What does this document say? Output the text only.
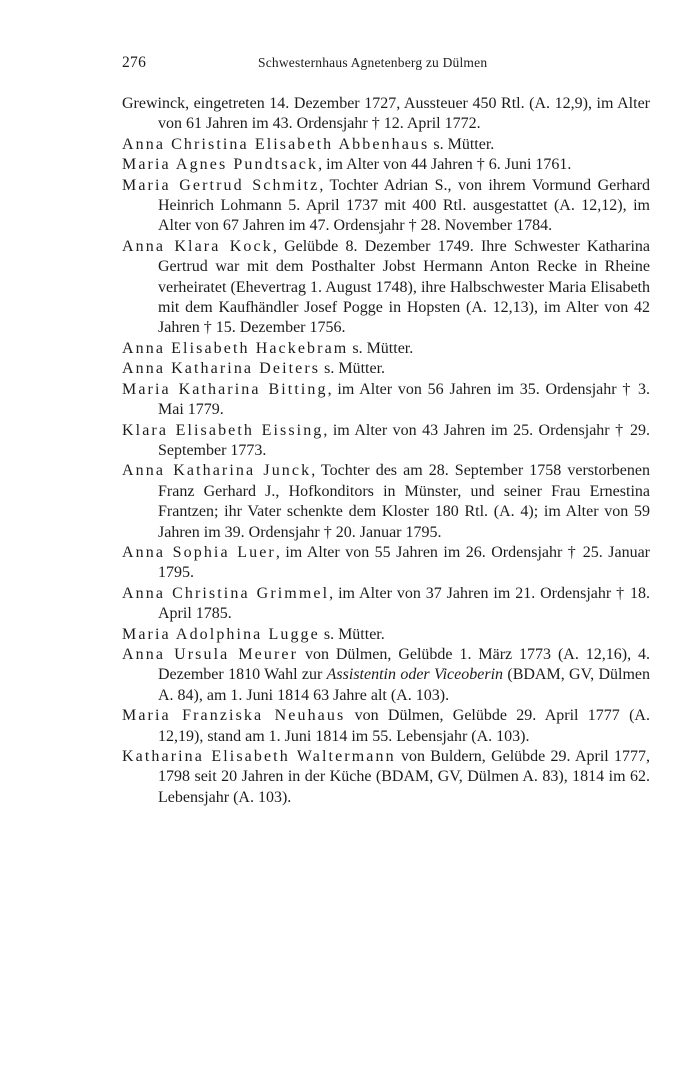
276	Schwesternhaus Agnetenberg zu Dülmen

Grewinck, eingetreten 14. Dezember 1727, Aussteuer 450 Rtl. (A. 12,9), im Alter von 61 Jahren im 43. Ordensjahr † 12. April 1772.

Anna Christina Elisabeth Abbenhaus s. Mütter.

Maria Agnes Pundtsack, im Alter von 44 Jahren † 6. Juni 1761.

Maria Gertrud Schmitz, Tochter Adrian S., von ihrem Vormund Gerhard Heinrich Lohmann 5. April 1737 mit 400 Rtl. ausgestattet (A. 12,12), im Alter von 67 Jahren im 47. Ordensjahr † 28. November 1784.

Anna Klara Kock, Gelübde 8. Dezember 1749. Ihre Schwester Katharina Gertrud war mit dem Posthalter Jobst Hermann Anton Recke in Rheine verheiratet (Ehevertrag 1. August 1748), ihre Halbschwester Maria Elisabeth mit dem Kaufhändler Josef Pogge in Hopsten (A. 12,13), im Alter von 42 Jahren † 15. Dezember 1756.

Anna Elisabeth Hackebram s. Mütter.

Anna Katharina Deiters s. Mütter.

Maria Katharina Bitting, im Alter von 56 Jahren im 35. Ordensjahr † 3. Mai 1779.

Klara Elisabeth Eissing, im Alter von 43 Jahren im 25. Ordensjahr † 29. September 1773.

Anna Katharina Junck, Tochter des am 28. September 1758 verstorbenen Franz Gerhard J., Hofkonditors in Münster, und seiner Frau Ernestina Frantzen; ihr Vater schenkte dem Kloster 180 Rtl. (A. 4); im Alter von 59 Jahren im 39. Ordensjahr † 20. Januar 1795.

Anna Sophia Luer, im Alter von 55 Jahren im 26. Ordensjahr † 25. Januar 1795.

Anna Christina Grimmel, im Alter von 37 Jahren im 21. Ordensjahr † 18. April 1785.

Maria Adolphina Lugge s. Mütter.

Anna Ursula Meurer von Dülmen, Gelübde 1. März 1773 (A. 12,16), 4. Dezember 1810 Wahl zur Assistentin oder Viceoberin (BDAM, GV, Dülmen A. 84), am 1. Juni 1814 63 Jahre alt (A. 103).

Maria Franziska Neuhaus von Dülmen, Gelübde 29. April 1777 (A. 12,19), stand am 1. Juni 1814 im 55. Lebensjahr (A. 103).

Katharina Elisabeth Waltermann von Buldern, Gelübde 29. April 1777, 1798 seit 20 Jahren in der Küche (BDAM, GV, Dülmen A. 83), 1814 im 62. Lebensjahr (A. 103).
